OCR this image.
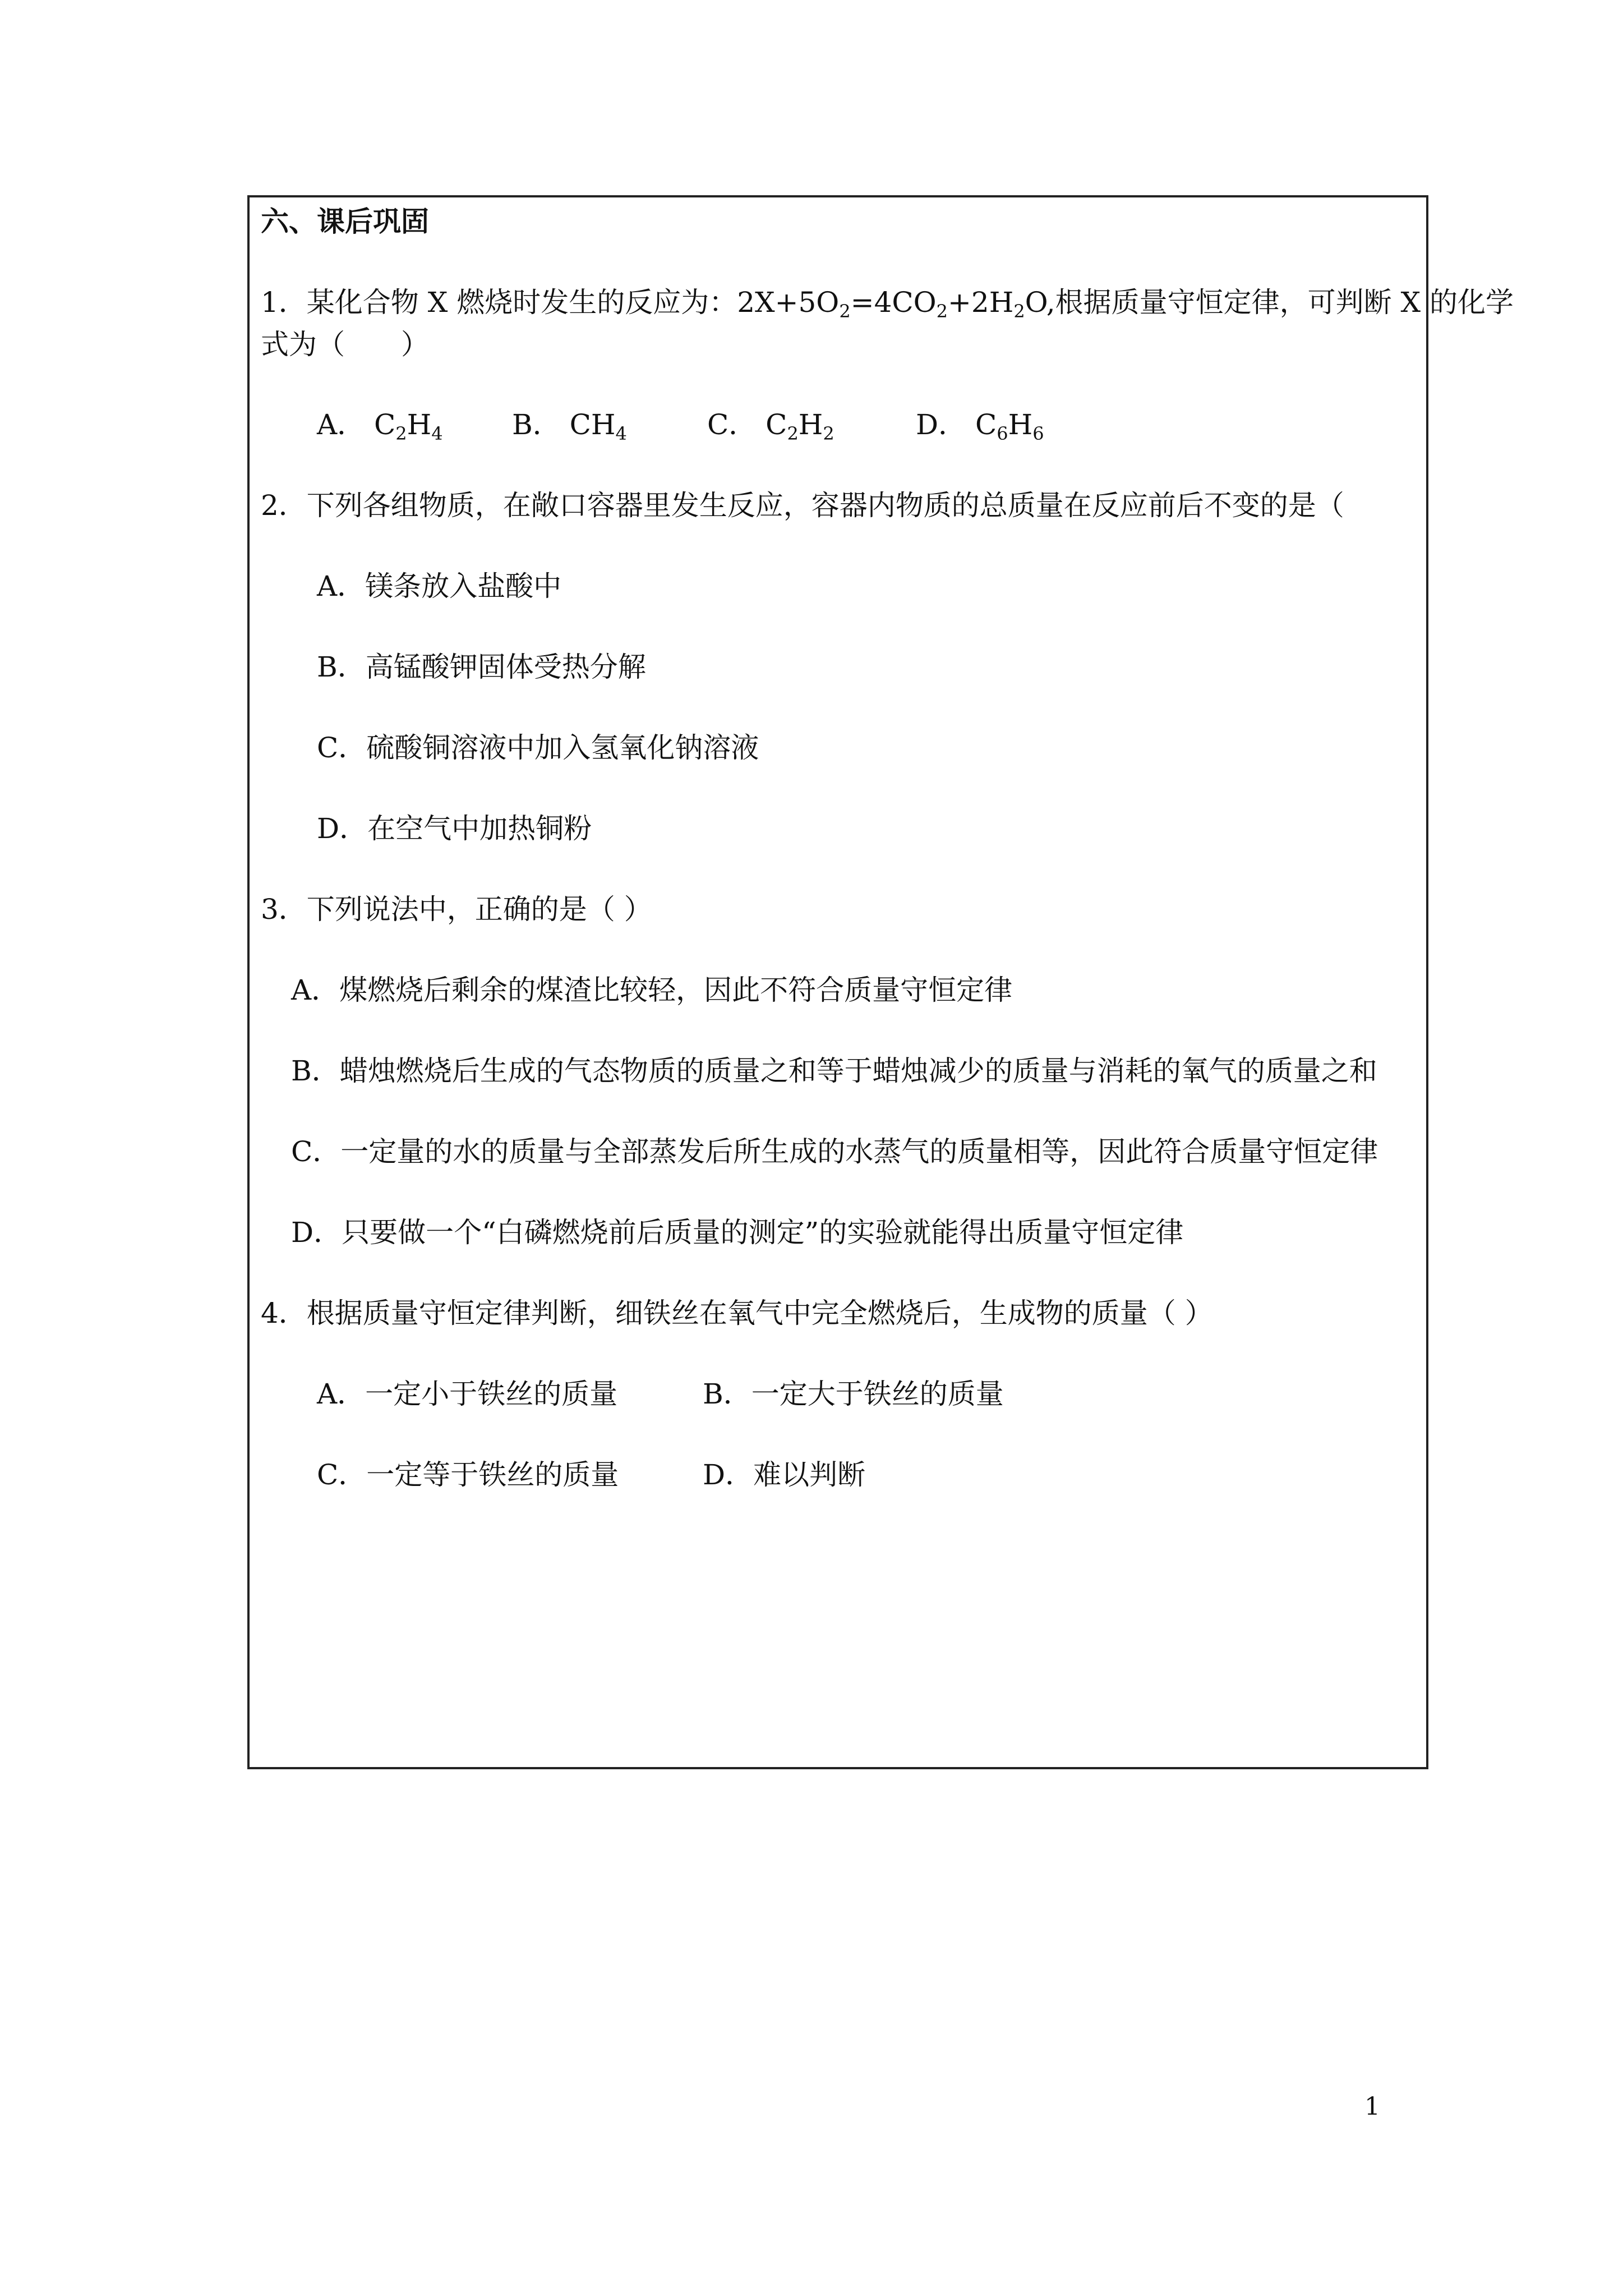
六、课后巩固
1．某化合物 X 燃烧时发生的反应为：$2X+5O_2=4CO_2+2H_2O$,根据质量守恒定律，可判断 X 的化学
式为（　　）
A． $C_2H_4$ B． $CH_4$	C． $C_2H_2$	D． $C_6H_6$
2．下列各组物质，在敞口容器里发生反应，容器内物质的总质量在反应前后不变的是（
A．镁条放入盐酸中
B．高锰酸钾固体受热分解
C．硫酸铜溶液中加入氢氧化钠溶液
D．在空气中加热铜粉
3．下列说法中，正确的是（ ）
A．煤燃烧后剩余的煤渣比较轻，因此不符合质量守恒定律
B．蜡烛燃烧后生成的气态物质的质量之和等于蜡烛减少的质量与消耗的氧气的质量之和
C．一定量的水的质量与全部蒸发后所生成的水蒸气的质量相等，因此符合质量守恒定律
D．只要做一个“白磷燃烧前后质量的测定”的实验就能得出质量守恒定律
4．根据质量守恒定律判断，细铁丝在氧气中完全燃烧后，生成物的质量（ ）
A．一定小于铁丝的质量	B．一定大于铁丝的质量
C．一定等于铁丝的质量	D．难以判断
1
